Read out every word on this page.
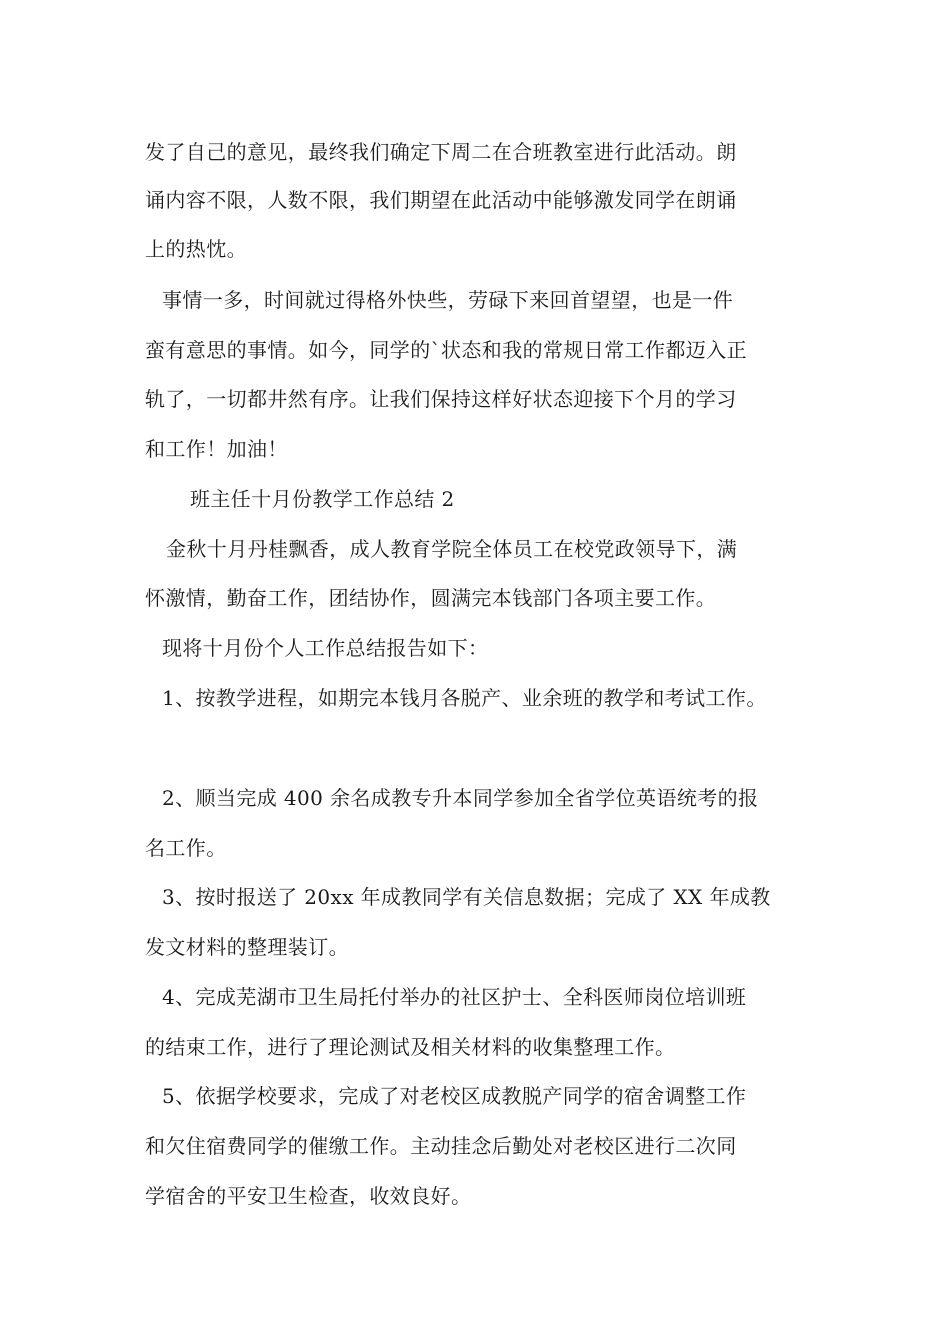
发了自己的意见，最终我们确定下周二在合班教室进行此活动。朗
诵内容不限，人数不限，我们期望在此活动中能够激发同学在朗诵
上的热忱。
事情一多，时间就过得格外快些，劳碌下来回首望望，也是一件
蛮有意思的事情。如今，同学的`状态和我的常规日常工作都迈入正
轨了，一切都井然有序。让我们保持这样好状态迎接下个月的学习
和工作！加油！
班主任十月份教学工作总结 2
金秋十月丹桂飘香，成人教育学院全体员工在校党政领导下，满
怀激情，勤奋工作，团结协作，圆满完本钱部门各项主要工作。
现将十月份个人工作总结报告如下：
1、按教学进程，如期完本钱月各脱产、业余班的教学和考试工作。
2、顺当完成 400 余名成教专升本同学参加全省学位英语统考的报
名工作。
3、按时报送了 20xx 年成教同学有关信息数据；完成了 XX 年成教
发文材料的整理装订。
4、完成芜湖市卫生局托付举办的社区护士、全科医师岗位培训班
的结束工作，进行了理论测试及相关材料的收集整理工作。
5、依据学校要求，完成了对老校区成教脱产同学的宿舍调整工作
和欠住宿费同学的催缴工作。主动挂念后勤处对老校区进行二次同
学宿舍的平安卫生检查，收效良好。
